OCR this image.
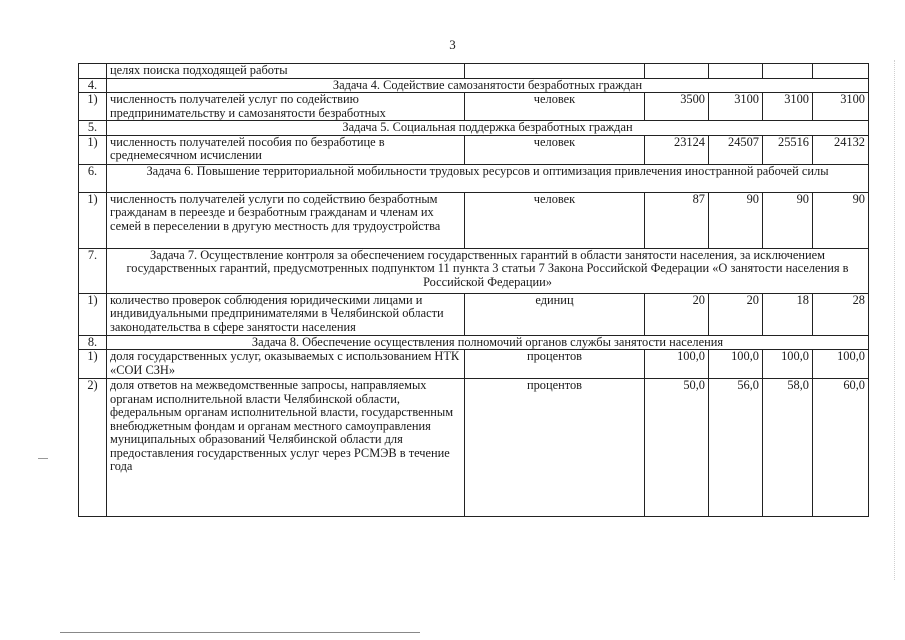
3
	целях поиска подходящей работы					
4.	Задача 4. Содействие самозанятости безработных граждан					
1)	численность получателей услуг по содействию предпринимательству и самозанятости безработных	человек	3500	3100	3100	3100
5.	Задача 5. Социальная поддержка безработных граждан					
1)	численность получателей пособия по безработице в среднемесячном исчислении	человек	23124	24507	25516	24132
6.	Задача 6. Повышение территориальной мобильности трудовых ресурсов и оптимизация привлечения иностранной рабочей силы					
1)	численность получателей услуги по содействию безработным гражданам в переезде и безработным гражданам и членам их семей в переселении в другую местность для трудоустройства	человек	87	90	90	90
7.	Задача 7. Осуществление контроля за обеспечением государственных гарантий в области занятости населения, за исключением государственных гарантий, предусмотренных подпунктом 11 пункта 3 статьи 7 Закона Российской Федерации «О занятости населения в Российской Федерации»					
1)	количество проверок соблюдения юридическими лицами и индивидуальными предпринимателями в Челябинской области законодательства в сфере занятости населения	единиц	20	20	18	28
8.	Задача 8. Обеспечение осуществления полномочий органов службы занятости населения					
1)	доля государственных услуг, оказываемых с использованием НТК «СОИ СЗН»	процентов	100,0	100,0	100,0	100,0
2)	доля ответов на межведомственные запросы, направляемых органам исполнительной власти Челябинской области, федеральным органам исполнительной власти, государственным внебюджетным фондам и органам местного самоуправления муниципальных образований Челябинской области для предоставления государственных услуг через РСМЭВ в течение года	процентов	50,0	56,0	58,0	60,0
